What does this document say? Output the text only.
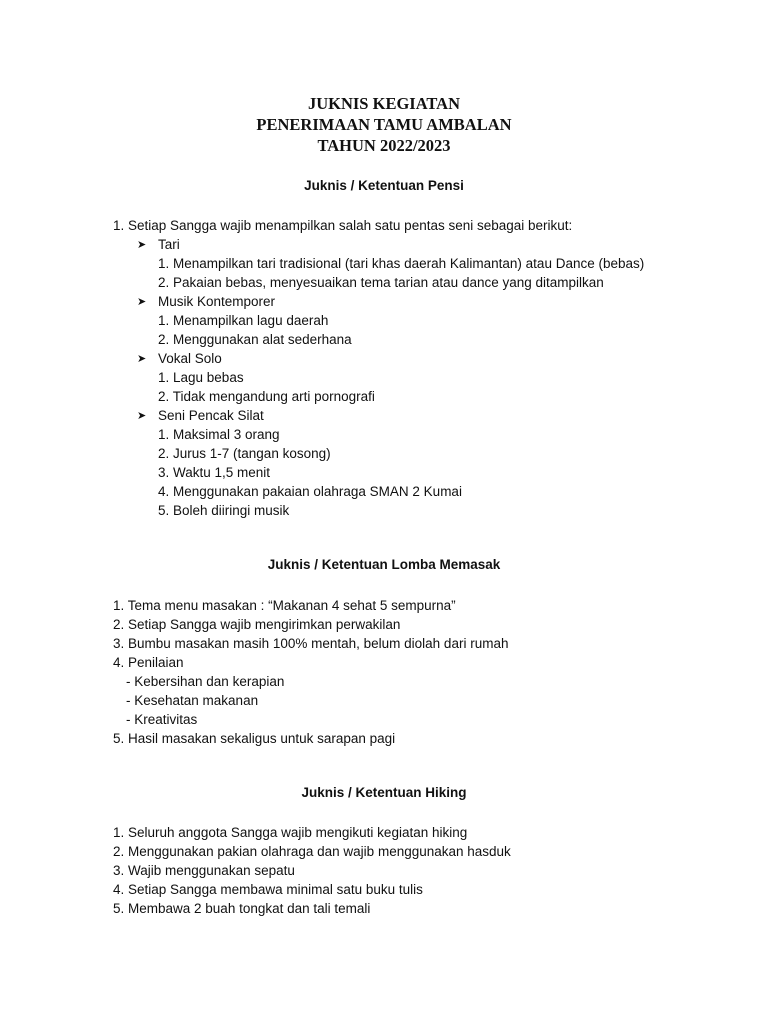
JUKNIS KEGIATAN
PENERIMAAN TAMU AMBALAN
TAHUN 2022/2023
Juknis / Ketentuan Pensi
1. Setiap Sangga wajib menampilkan salah satu pentas seni sebagai berikut:
➤ Tari
1. Menampilkan tari tradisional (tari khas daerah Kalimantan) atau Dance (bebas)
2. Pakaian bebas, menyesuaikan tema tarian atau dance yang ditampilkan
➤ Musik Kontemporer
1. Menampilkan lagu daerah
2. Menggunakan alat sederhana
➤ Vokal Solo
1. Lagu bebas
2. Tidak mengandung arti pornografi
➤ Seni Pencak Silat
1. Maksimal 3 orang
2. Jurus 1-7 (tangan kosong)
3. Waktu 1,5 menit
4. Menggunakan pakaian olahraga SMAN 2 Kumai
5. Boleh diiringi musik
Juknis / Ketentuan Lomba Memasak
1. Tema menu masakan : “Makanan 4 sehat 5 sempurna”
2. Setiap Sangga wajib mengirimkan perwakilan
3. Bumbu masakan masih 100% mentah, belum diolah dari rumah
4. Penilaian
- Kebersihan dan kerapian
- Kesehatan makanan
- Kreativitas
5. Hasil masakan sekaligus untuk sarapan pagi
Juknis / Ketentuan Hiking
1. Seluruh anggota Sangga wajib mengikuti kegiatan hiking
2. Menggunakan pakian olahraga dan wajib menggunakan hasduk
3. Wajib menggunakan sepatu
4. Setiap Sangga membawa minimal satu buku tulis
5. Membawa 2 buah tongkat dan tali temali
